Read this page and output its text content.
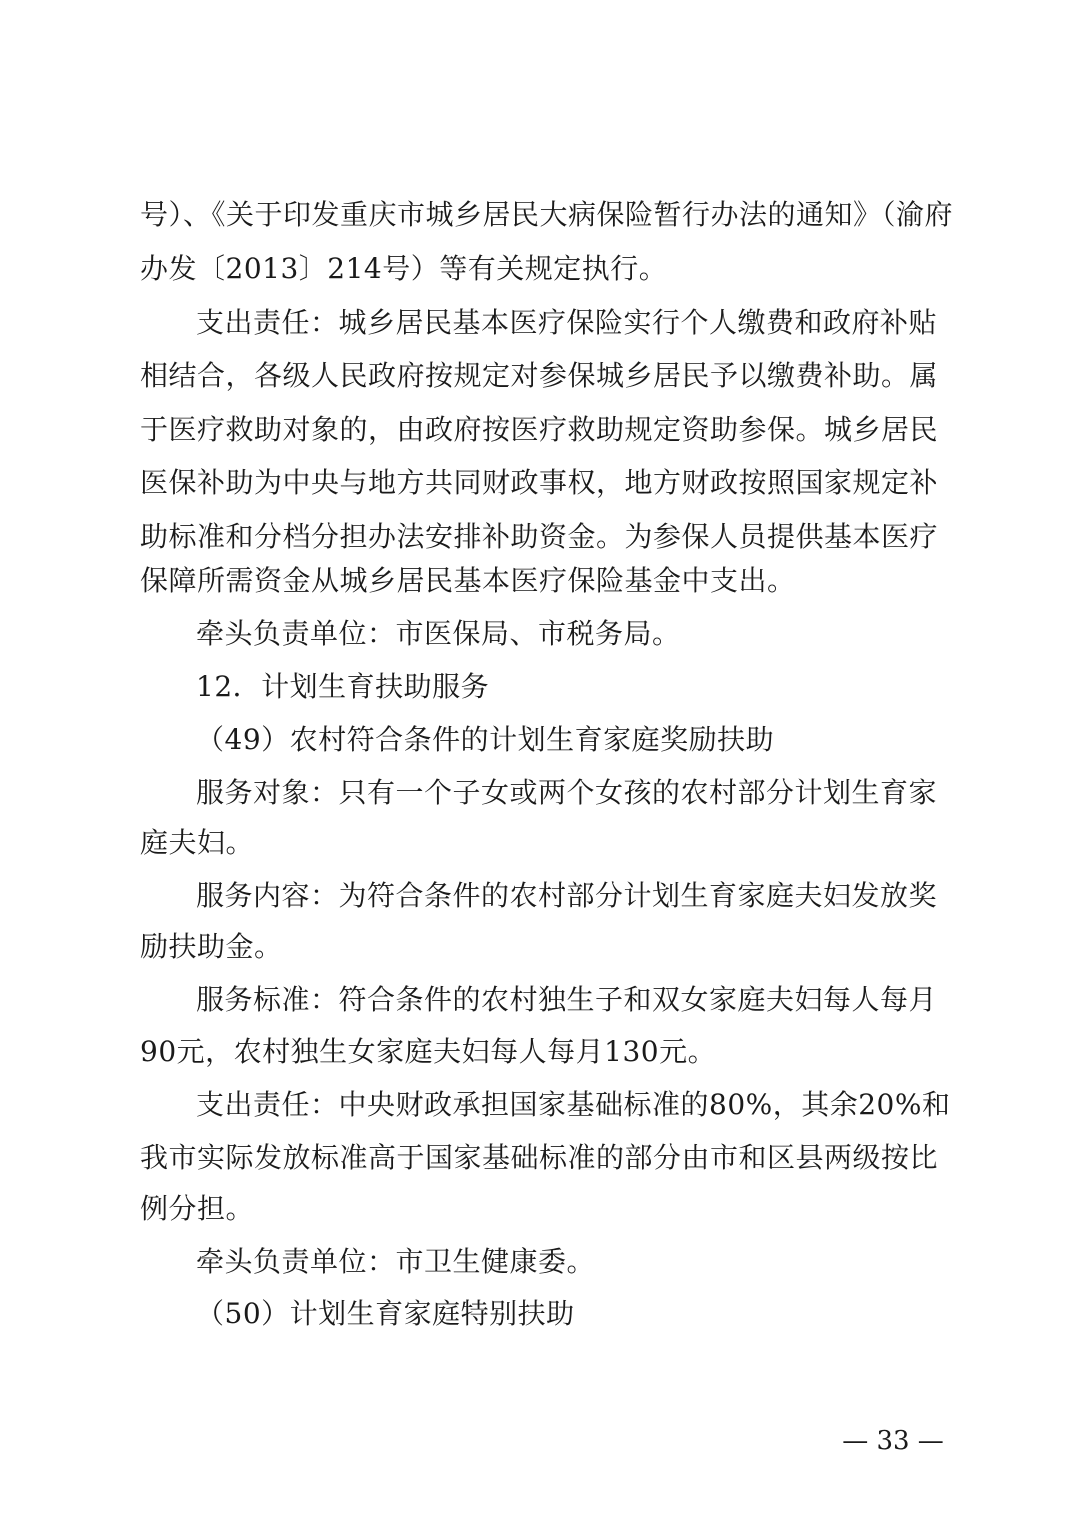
号）、《关于印发重庆市城乡居民大病保险暂行办法的通知》（渝府
办发〔2013〕214号）等有关规定执行。
支出责任：城乡居民基本医疗保险实行个人缴费和政府补贴
相结合，各级人民政府按规定对参保城乡居民予以缴费补助。属
于医疗救助对象的，由政府按医疗救助规定资助参保。城乡居民
医保补助为中央与地方共同财政事权，地方财政按照国家规定补
助标准和分档分担办法安排补助资金。为参保人员提供基本医疗
保障所需资金从城乡居民基本医疗保险基金中支出。
牵头负责单位：市医保局、市税务局。
12．计划生育扶助服务
（49）农村符合条件的计划生育家庭奖励扶助
服务对象：只有一个子女或两个女孩的农村部分计划生育家
庭夫妇。
服务内容：为符合条件的农村部分计划生育家庭夫妇发放奖
励扶助金。
服务标准：符合条件的农村独生子和双女家庭夫妇每人每月
90元，农村独生女家庭夫妇每人每月130元。
支出责任：中央财政承担国家基础标准的80%，其余20%和
我市实际发放标准高于国家基础标准的部分由市和区县两级按比
例分担。
牵头负责单位：市卫生健康委。
（50）计划生育家庭特别扶助
— 33 —
